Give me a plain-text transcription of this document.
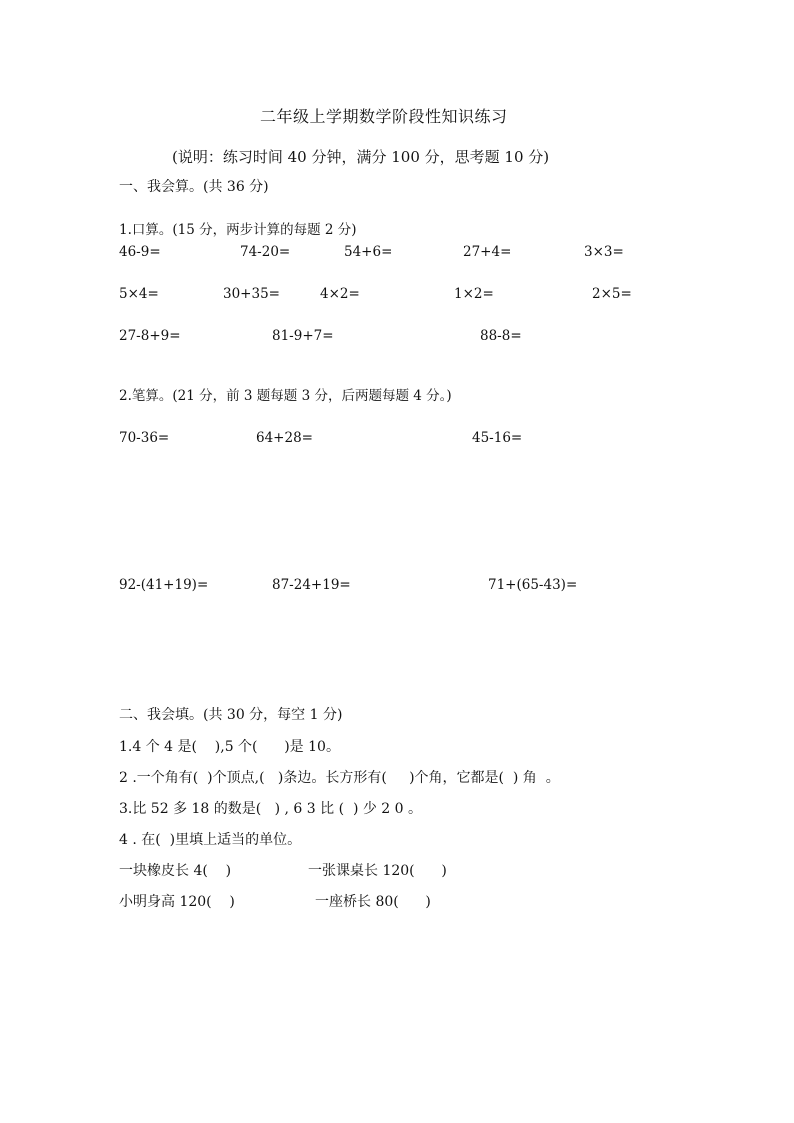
二年级上学期数学阶段性知识练习
(说明：练习时间 40 分钟，满分 100 分，思考题 10 分)
一、我会算。(共 36 分)
1.口算。(15 分，两步计算的每题 2 分)
46-9=	74-20=	54+6=	27+4=	3×3=
5×4=	30+35=	4×2=	1×2=	2×5=
27-8+9=	81-9+7=	88-8=
2.笔算。(21 分，前 3 题每题 3 分，后两题每题 4 分。)
70-36=	64+28=	45-16=
92-(41+19)=	87-24+19=	71+(65-43)=
二、我会填。(共 30 分，每空 1 分)
1.4 个 4 是(    ),5 个(      )是 10。
2 .一个角有(  )个顶点,(   )条边。长方形有(     )个角，它都是(  ) 角  。
3.比 52 多 18 的数是(   ) , 6 3 比 (  ) 少 2 0 。
4 . 在(  )里填上适当的单位。
一块橡皮长 4(    )	一张课桌长 120(      )
小明身高 120(    )	一座桥长 80(      )
